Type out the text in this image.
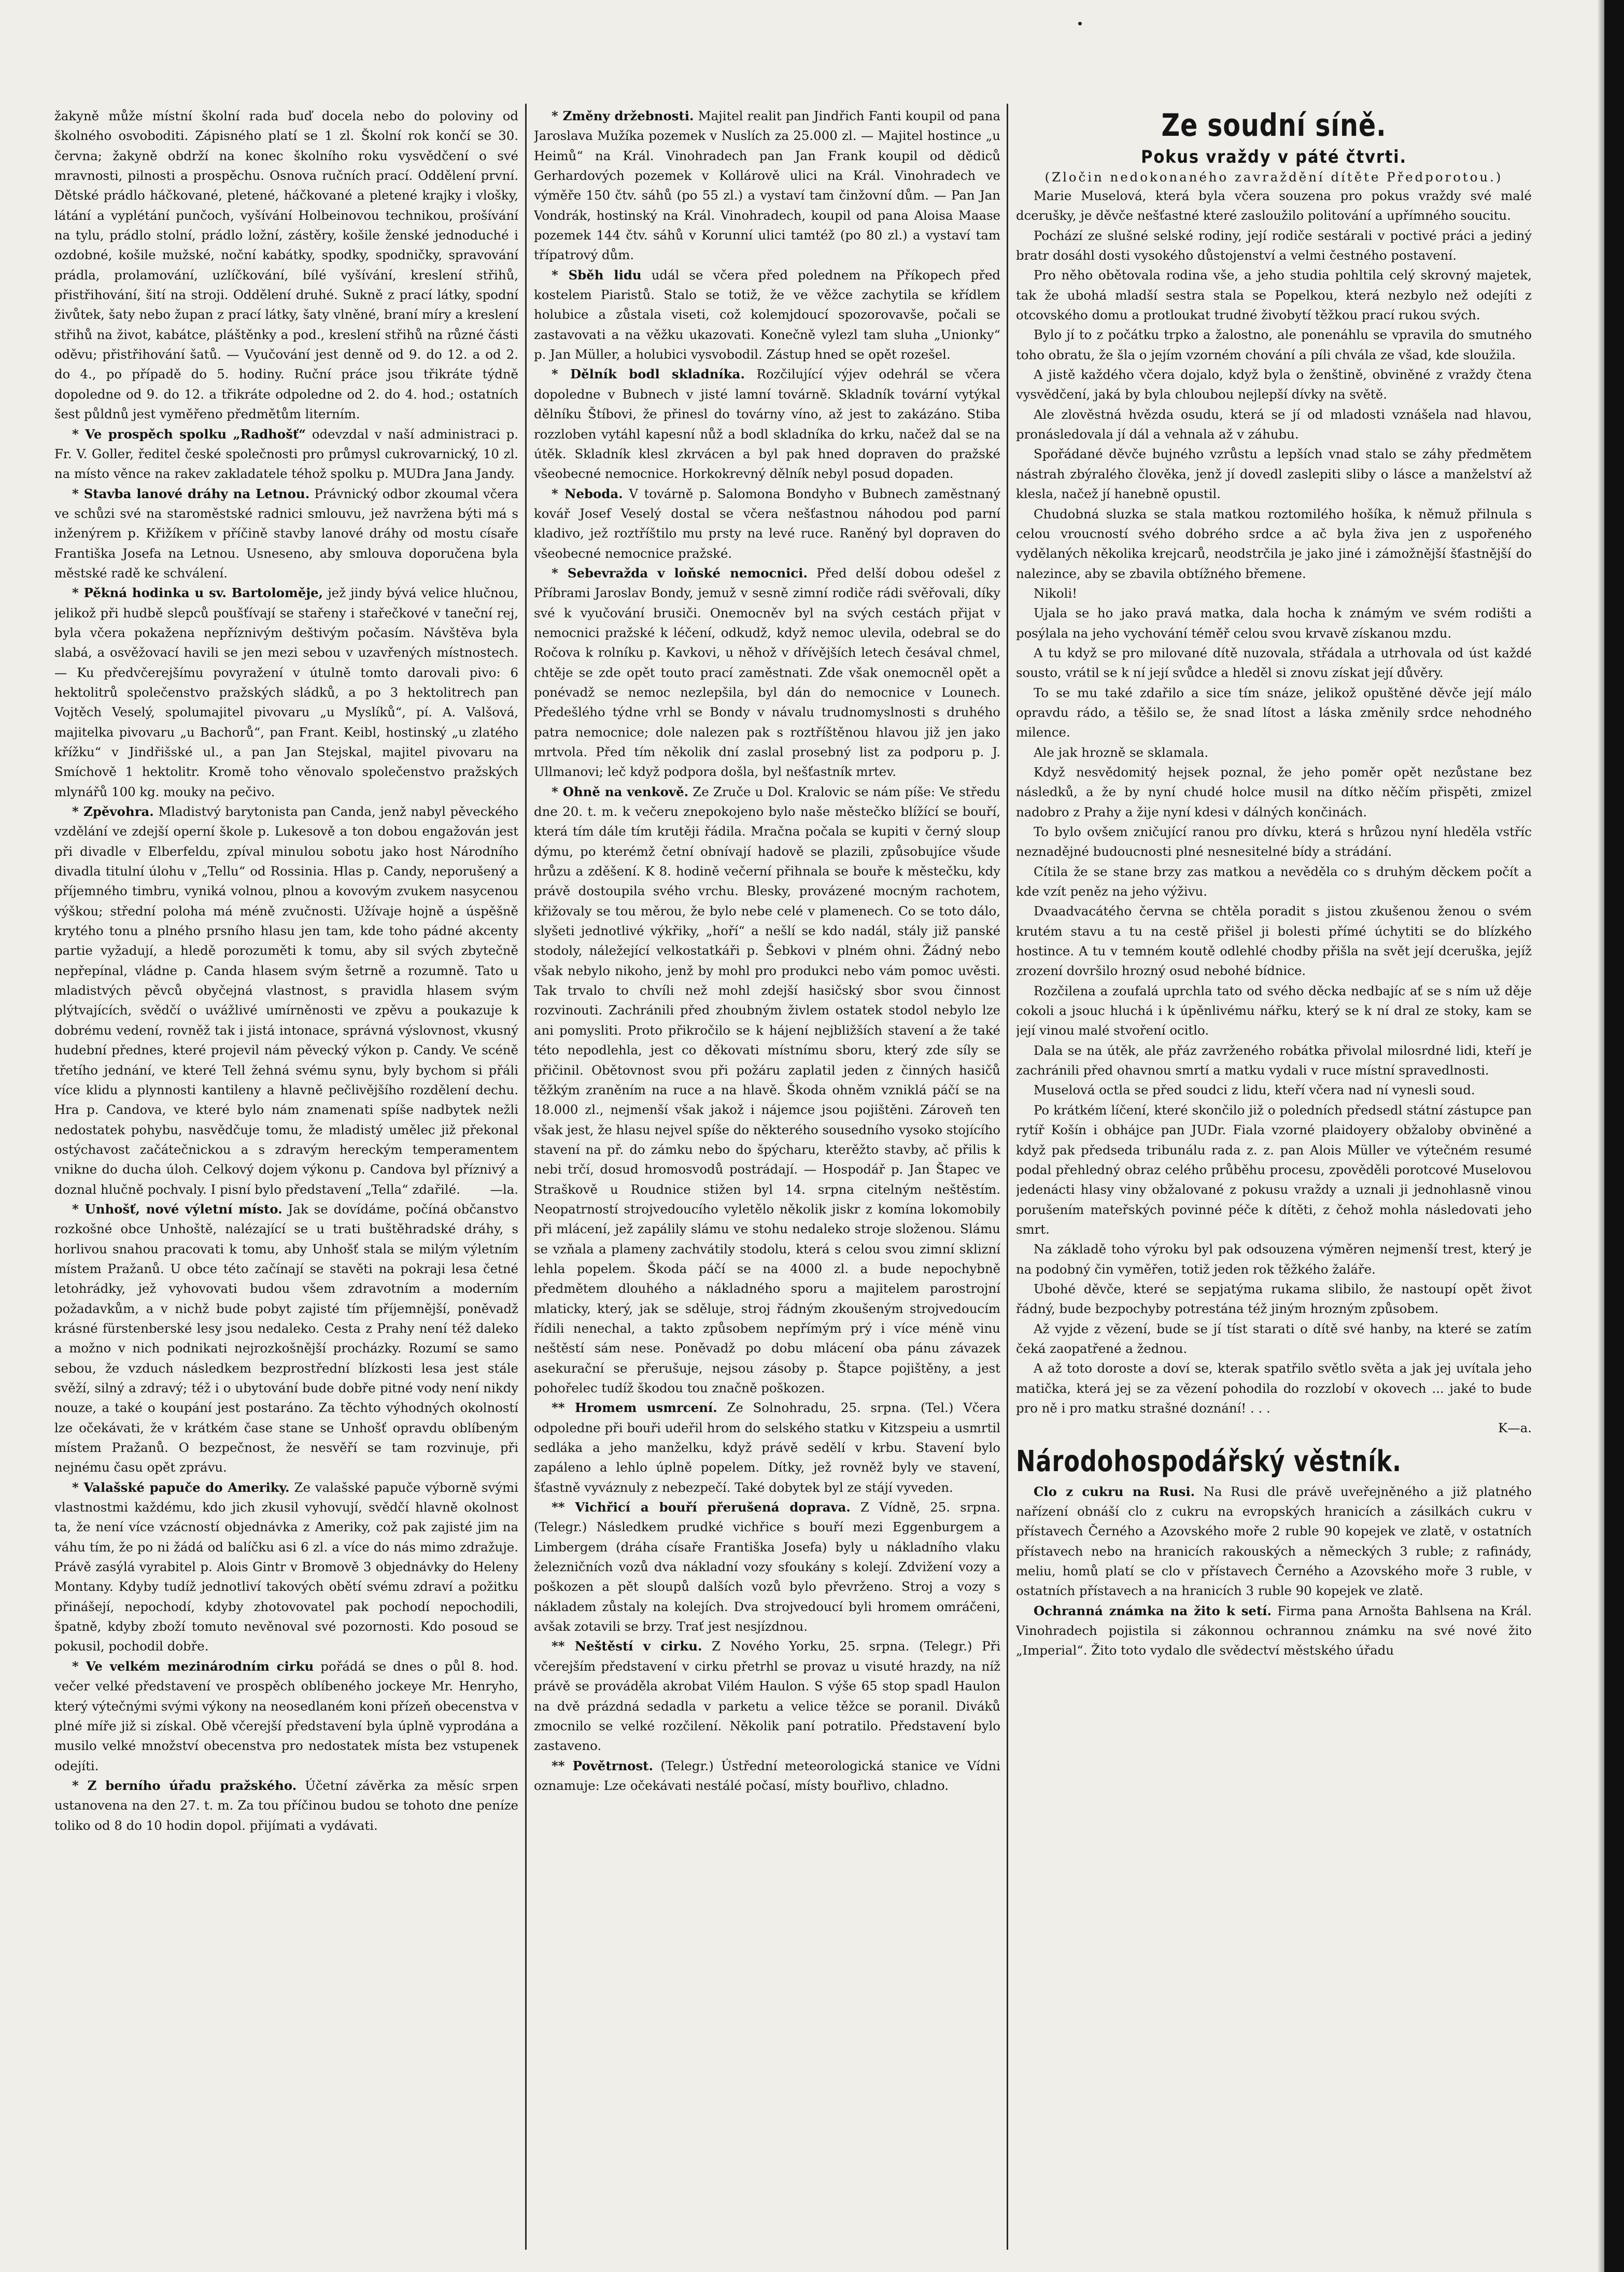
žakyně může místní školní rada buď docela nebo do poloviny od školného osvoboditi. Zápisného platí se 1 zl. Školní rok končí se 30. června; žakyně obdrží na konec školního roku vysvědčení o své mravnosti, pilnosti a prospěchu. Osnova ručních prací. Oddělení první. Dětské prádlo háčkované, pletené, háčkované a pletené krajky i vlošky, látání a vyplétání punčoch, vyšívání Holbeinovou technikou, prošívání na tylu, prádlo stolní, prádlo ložní, zástěry, košile ženské jednoduché i ozdobné, košile mužské, noční kabátky, spodky, spodničky, spravování prádla, prolamování, uzlíčkování, bílé vyšívání, kreslení střihů, přistřihování, šití na stroji. Oddělení druhé. Sukně z prací látky, spodní živůtek, šaty nebo župan z prací látky, šaty vlněné, braní míry a kreslení střihů na život, kabátce, pláštěnky a pod., kreslení střihů na různé části oděvu; přistřihování šatů. — Vyučování jest denně od 9. do 12. a od 2. do 4., po případě do 5. hodiny. Ruční práce jsou třikráte týdně dopoledne od 9. do 12. a třikráte odpoledne od 2. do 4. hod.; ostatních šest půldnů jest vyměřeno předmětům literním.

* Ve prospěch spolku „Radhošť“ odevzdal v naší administraci p. Fr. V. Goller, ředitel české společnosti pro průmysl cukrovarnický, 10 zl. na místo věnce na rakev zakladatele téhož spolku p. MUDra Jana Jandy.

* Stavba lanové dráhy na Letnou. Právnický odbor zkoumal včera ve schůzi své na staroměstské radnici smlouvu, jež navržena býti má s inženýrem p. Křižíkem v příčině stavby lanové dráhy od mostu císaře Františka Josefa na Letnou. Usneseno, aby smlouva doporučena byla městské radě ke schválení.

* Pěkná hodinka u sv. Bartoloměje, jež jindy bývá velice hlučnou, jelikož při hudbě slepců poušťívají se stařeny i stařečkové v taneční rej, byla včera pokažena nepříznivým deštivým počasím. Návštěva byla slabá, a osvěžovací havili se jen mezi sebou v uzavřených místnostech. — Ku předvčerejšímu povyražení v útulně tomto darovali pivo: 6 hektolitrů společenstvo pražských sládků, a po 3 hektolitrech pan Vojtěch Veselý, spolumajitel pivovaru „u Myslíků“, pí. A. Valšová, majitelka pivovaru „u Bachorů“, pan Frant. Keibl, hostinský „u zlatého křížku“ v Jindřišské ul., a pan Jan Stejskal, majitel pivovaru na Smíchově 1 hektolitr. Kromě toho věnovalo společenstvo pražských mlynářů 100 kg. mouky na pečivo.

* Zpěvohra. Mladistvý barytonista pan Canda, jenž nabyl pěveckého vzdělání ve zdejší operní škole p. Lukesově a ton dobou engažován jest při divadle v Elberfeldu, zpíval minulou sobotu jako host Národního divadla titulní úlohu v „Tellu“ od Rossinia. Hlas p. Candy, neporušený a příjemného timbru, vyniká volnou, plnou a kovovým zvukem nasycenou výškou; střední poloha má méně zvučnosti. Užívaje hojně a úspěšně krytého tonu a plného prsního hlasu jen tam, kde toho pádné akcenty partie vyžadují, a hledě porozuměti k tomu, aby sil svých zbytečně nepřepínal, vládne p. Canda hlasem svým šetrně a rozumně. Tato u mladistvých pěvců obyčejná vlastnost, s pravidla hlasem svým plýtvajících, svědčí o uvážlivé umírněnosti ve zpěvu a poukazuje k dobrému vedení, rovněž tak i jistá intonace, správná výslovnost, vkusný hudební přednes, které projevil nám pěvecký výkon p. Candy. Ve scéně třetího jednání, ve které Tell žehná svému synu, byly bychom si přáli více klidu a plynnosti kantileny a hlavně pečlivějšího rozdělení dechu. Hra p. Candova, ve které bylo nám znamenati spíše nadbytek nežli nedostatek pohybu, nasvědčuje tomu, že mladistý umělec již překonal ostýchavost začátečnickou a s zdravým hereckým temperamentem vnikne do ducha úloh. Celkový dojem výkonu p. Candova byl příznivý a doznal hlučně pochvaly. I pisní bylo představení „Tella“ zdařilé.	—la.

* Unhošť, nové výletní místo. Jak se dovídáme, počíná občanstvo rozkošné obce Unhoště, nalézající se u trati buštěhradské dráhy, s horlivou snahou pracovati k tomu, aby Unhošť stala se milým výletním místem Pražanů. U obce této začínají se stavěti na pokraji lesa četné letohrádky, jež vyhovovati budou všem zdravotním a moderním požadavkům, a v nichž bude pobyt zajisté tím příjemnější, poněvadž krásné fürstenberské lesy jsou nedaleko. Cesta z Prahy není též daleko a možno v nich podnikati nejrozkošnější procházky. Rozumí se samo sebou, že vzduch následkem bezprostřední blízkosti lesa jest stále svěží, silný a zdravý; též i o ubytování bude dobře pitné vody není nikdy nouze, a také o koupání jest postaráno. Za těchto výhodných okolností lze očekávati, že v krátkém čase stane se Unhošť opravdu oblíbeným místem Pražanů. O bezpečnost, že nesvěří se tam rozvinuje, při nejnému času opět zprávu.

* Valašské papuče do Ameriky. Ze valašské papuče výborně svými vlastnostmi každému, kdo jich zkusil vyhovují, svědčí hlavně okolnost ta, že není více vzácností objednávka z Ameriky, což pak zajisté jim na váhu tím, že po ni žádá od balíčku asi 6 zl. a více do nás mimo zdražuje. Právě zasýlá vyrabitel p. Alois Gintr v Bromově 3 objednávky do Heleny Montany. Kdyby tudíž jednotliví takových obětí svému zdraví a požitku přinášejí, nepochodí, kdyby zhotovovatel pak pochodí nepochodili, špatně, kdyby zboží tomuto nevěnoval své pozornosti. Kdo posoud se pokusil, pochodil dobře.

* Ve velkém mezinárodním cirku pořádá se dnes o půl 8. hod. večer velké představení ve prospěch oblíbeného jockeye Mr. Henryho, který výtečnými svými výkony na neosedlaném koni přízeň obecenstva v plné míře již si získal. Obě včerejší představení byla úplně vyprodána a musilo velké množství obecenstva pro nedostatek místa bez vstupenek odejíti.

* Z berního úřadu pražského. Účetní závěrka za měsíc srpen ustanovena na den 27. t. m. Za tou příčinou budou se tohoto dne peníze toliko od 8 do 10 hodin dopol. přijímati a vydávati.

* Změny držebnosti. Majitel realit pan Jindřich Fanti koupil od pana Jaroslava Mužíka pozemek v Nuslích za 25.000 zl. — Majitel hostince „u Heimů“ na Král. Vinohradech pan Jan Frank koupil od dědiců Gerhardových pozemek v Kollárově ulici na Král. Vinohradech ve výměře 150 čtv. sáhů (po 55 zl.) a vystaví tam činžovní dům. — Pan Jan Vondrák, hostinský na Král. Vinohradech, koupil od pana Aloisa Maase pozemek 144 čtv. sáhů v Korunní ulici tamtéž (po 80 zl.) a vystaví tam třípatrový dům.

* Sběh lidu udál se včera před polednem na Příkopech před kostelem Piaristů. Stalo se totiž, že ve věžce zachytila se křídlem holubice a zůstala viseti, což kolemjdoucí spozorovavše, počali se zastavovati a na věžku ukazovati. Konečně vylezl tam sluha „Unionky“ p. Jan Müller, a holubici vysvobodil. Zástup hned se opět rozešel.

* Dělník bodl skladníka. Rozčilující výjev odehrál se včera dopoledne v Bubnech v jisté lamní továrně. Skladník tovární vytýkal dělníku Štíbovi, že přinesl do továrny víno, až jest to zakázáno. Stiba rozzloben vytáhl kapesní nůž a bodl skladníka do krku, načež dal se na útěk. Skladník klesl zkrvácen a byl pak hned dopraven do pražské všeobecné nemocnice. Horkokrevný dělník nebyl posud dopaden.

* Neboda. V továrně p. Salomona Bondyho v Bubnech zaměstnaný kovář Josef Veselý dostal se včera nešťastnou náhodou pod parní kladivo, jež roztříštilo mu prsty na levé ruce. Raněný byl dopraven do všeobecné nemocnice pražské.

* Sebevražda v loňské nemocnici. Před delší dobou odešel z Příbrami Jaroslav Bondy, jemuž v sesně zimní rodiče rádi svěřovali, díky své k vyučování brusiči. Onemocněv byl na svých cestách přijat v nemocnici pražské k léčení, odkudž, když nemoc ulevila, odebral se do Ročova k rolníku p. Kavkovi, u něhož v dřívějších letech česával chmel, chtěje se zde opět touto prací zaměstnati. Zde však onemocněl opět a ponévadž se nemoc nezlepšila, byl dán do nemocnice v Lounech. Předešlého týdne vrhl se Bondy v návalu trudnomyslnosti s druhého patra nemocnice; dole nalezen pak s roztříštěnou hlavou již jen jako mrtvola. Před tím několik dní zaslal prosebný list za podporu p. J. Ullmanovi; leč když podpora došla, byl nešťastník mrtev.

* Ohně na venkově. Ze Zruče u Dol. Kralovic se nám píše: Ve středu dne 20. t. m. k večeru znepokojeno bylo naše městečko blížící se bouří, která tím dále tím krutěji řádila. Mračna počala se kupiti v černý sloup dýmu, po kterémž četní obnívají hadově se plazili, způsobujíce všude hrůzu a zděšení. K 8. hodině večerní přihnala se bouře k městečku, kdy právě dostoupila svého vrchu. Blesky, provázené mocným rachotem, křižovaly se tou měrou, že bylo nebe celé v plamenech. Co se toto dálo, slyšeti jednotlivé výkřiky, „hoří“ a nešlí se kdo nadál, stály již panské stodoly, náležející velkostatkáři p. Šebkovi v plném ohni. Žádný nebo však nebylo nikoho, jenž by mohl pro produkci nebo vám pomoc uvěsti. Tak trvalo to chvíli než mohl zdejší hasičský sbor svou činnost rozvinouti. Zachránili před zhoubným živlem ostatek stodol nebylo lze ani pomysliti. Proto přikročilo se k hájení nejbližších stavení a že také této nepodlehla, jest co děkovati místnímu sboru, který zde síly se přičinil. Obětovnost svou při požáru zaplatil jeden z činných hasičů těžkým zraněním na ruce a na hlavě. Škoda ohněm vzniklá páčí se na 18.000 zl., nejmenší však jakož i nájemce jsou pojištěni. Zároveň ten však jest, že hlasu nejvel spíše do některého sousedního vysoko stojícího stavení na př. do zámku nebo do špýcharu, kterěžto stavby, ač přilis k nebi trčí, dosud hromosvodů postrádají. — Hospodář p. Jan Štapec ve Straškově u Roudnice stižen byl 14. srpna citelným neštěstím. Neopatrností strojvedoucího vyletělo několik jiskr z komína lokomobily při mlácení, jež zapálily slámu ve stohu nedaleko stroje složenou. Slámu se vzňala a plameny zachvátily stodolu, která s celou svou zimní sklizní lehla popelem. Škoda páčí se na 4000 zl. a bude nepochybně předmětem dlouhého a nákladného sporu a majitelem parostrojní mlaticky, který, jak se sděluje, stroj řádným zkoušeným strojvedoucím řídili nenechal, a takto způsobem nepřímým prý i více méně vinu neštěstí sám nese. Poněvadž po dobu mlácení oba pánu závazek asekurační se přerušuje, nejsou zásoby p. Štapce pojištěny, a jest pohořelec tudíž škodou tou značně poškozen.

** Hromem usmrcení. Ze Solnohradu, 25. srpna. (Tel.) Včera odpoledne při bouři udeřil hrom do selského statku v Kitzspeiu a usmrtil sedláka a jeho manželku, když právě sedělí v krbu. Stavení bylo zapáleno a lehlo úplně popelem. Dítky, jež rovněž byly ve stavení, šťastně vyváznuly z nebezpečí. Také dobytek byl ze stájí vyveden.

** Vichřicí a bouří přerušená doprava. Z Vídně, 25. srpna. (Telegr.) Následkem prudké vichřice s bouří mezi Eggenburgem a Limbergem (dráha císaře Františka Josefa) byly u nákladního vlaku železničních vozů dva nákladní vozy sfoukány s kolejí. Zdvižení vozy a poškozen a pět sloupů dalších vozů bylo převrženo. Stroj a vozy s nákladem zůstaly na kolejích. Dva strojvedoucí byli hromem omráčeni, avšak zotavili se brzy. Trať jest nesjízdnou.

** Neštěstí v cirku. Z Nového Yorku, 25. srpna. (Telegr.) Při včerejším představení v cirku přetrhl se provaz u visuté hrazdy, na níž právě se prováděla akrobat Vilém Haulon. S výše 65 stop spadl Haulon na dvě prázdná sedadla v parketu a velice těžce se poranil. Diváků zmocnilo se velké rozčilení. Několik paní potratilo. Představení bylo zastaveno.

** Povětrnost. (Telegr.) Ústřední meteorologická stanice ve Vídni oznamuje: Lze očekávati nestálé počasí, místy bouřlivo, chladno.

Ze soudní síně.
Pokus vraždy v páté čtvrti.
(Zločin nedokonaného zavraždění dítěte Předporotou.)

Marie Muselová, která byla včera souzena pro pokus vraždy své malé dcerušky, je děvče nešťastné které zasloužilo politování a upřímného soucitu.

Pochází ze slušné selské rodiny, její rodiče sestárali v poctivé práci a jediný bratr dosáhl dosti vysokého důstojenství a velmi čestného postavení.

Pro něho obětovala rodina vše, a jeho studia pohltila celý skrovný majetek, tak že ubohá mladší sestra stala se Popelkou, která nezbylo než odejíti z otcovského domu a protloukat trudné živobytí těžkou prací rukou svých.

Bylo jí to z počátku trpko a žalostno, ale ponenáhlu se vpravila do smutného toho obratu, že šla o jejím vzorném chování a píli chvála ze všad, kde sloužila.

A jistě každého včera dojalo, když byla o ženštině, obviněné z vraždy čtena vysvědčení, jaká by byla chloubou nejlepší dívky na světě.

Ale zlověstná hvězda osudu, která se jí od mladosti vznášela nad hlavou, pronásledovala jí dál a vehnala až v záhubu.

Spořádané děvče bujného vzrůstu a lepších vnad stalo se záhy předmětem nástrah zbýralého člověka, jenž jí dovedl zaslepiti sliby o lásce a manželství až klesla, načež jí hanebně opustil.

Chudobná sluzka se stala matkou roztomilého hošíka, k němuž přilnula s celou vroucností svého dobrého srdce a ač byla živa jen z uspořeného vydělaných několika krejcarů, neodstrčila je jako jiné i zámožnější šťastnější do nalezince, aby se zbavila obtížného břemene.

Nikoli!

Ujala se ho jako pravá matka, dala hocha k známým ve svém rodišti a posýlala na jeho vychování téměř celou svou krvavě získanou mzdu.

A tu když se pro milované dítě nuzovala, střádala a utrhovala od úst každé sousto, vrátil se k ní její svůdce a hleděl si znovu získat její důvěry.

To se mu také zdařilo a sice tím snáze, jelikož opuštěné děvče její málo opravdu rádo, a těšilo se, že snad lítost a láska změnily srdce nehodného milence.

Ale jak hrozně se sklamala.

Když nesvědomitý hejsek poznal, že jeho poměr opět nezůstane bez následků, a že by nyní chudé holce musil na dítko něčím přispěti, zmizel nadobro z Prahy a žije nyní kdesi v dálných končinách.

To bylo ovšem zničující ranou pro dívku, která s hrůzou nyní hleděla vstříc neznadějné budoucnosti plné nesnesitelné bídy a strádání.

Cítila že se stane brzy zas matkou a nevěděla co s druhým děckem počít a kde vzít peněz na jeho výživu.

Dvaadvacátého června se chtěla poradit s jistou zkušenou ženou o svém krutém stavu a tu na cestě přišel ji bolesti přímé úchytiti se do blízkého hostince. A tu v temném koutě odlehlé chodby přišla na svět její dceruška, jejíž zrození dovršilo hrozný osud nebohé bídnice.

Rozčilena a zoufalá uprchla tato od svého děcka nedbajíc ať se s ním už děje cokoli a jsouc hluchá i k úpěnlivému nářku, který se k ní dral ze stoky, kam se její vinou malé stvoření ocitlo.

Dala se na útěk, ale přáz zavrženého robátka přivolal milosrdné lidi, kteří je zachránili před ohavnou smrtí a matku vydali v ruce místní spravedlnosti.

Muselová octla se před soudci z lidu, kteří včera nad ní vynesli soud.

Po krátkém líčení, které skončilo již o poledních předsedl státní zástupce pan rytíř Košín i obhájce pan JUDr. Fiala vzorné plaidoyery obžaloby obviněné a když pak předseda tribunálu rada z. z. pan Alois Müller ve výtečném resumé podal přehledný obraz celého průběhu procesu, zpověděli porotcové Muselovou jedenácti hlasy viny obžalované z pokusu vraždy a uznali ji jednohlasně vinou porušením mateřských povinné péče k dítěti, z čehož mohla následovati jeho smrt.

Na základě toho výroku byl pak odsouzena výměren nejmenší trest, který je na podobný čin vyměřen, totiž jeden rok těžkého žaláře.

Ubohé děvče, které se sepjatýma rukama slibilo, že nastoupí opět život řádný, bude bezpochyby potrestána též jiným hrozným způsobem.

Až vyjde z vězení, bude se jí tíst starati o dítě své hanby, na které se zatím čeká zaopatřené a žednou.

A až toto doroste a doví se, kterak spatřilo světlo světa a jak jej uvítala jeho matička, která jej se za vězení pohodila do rozzlobí v okovech ... jaké to bude pro ně i pro matku strašné doznání! . . .

K—a.
Národohospodářský věstník.

Clo z cukru na Rusi. Na Rusi dle právě uveřejněného a již platného nařízení obnáší clo z cukru na evropských hranicích a zásilkách cukru v přístavech Černého a Azovského moře 2 ruble 90 kopejek ve zlatě, v ostatních přístavech nebo na hranicích rakouských a německých 3 ruble; z rafinády, meliu, homů platí se clo v přístavech Černého a Azovského moře 3 ruble, v ostatních přístavech a na hranicích 3 ruble 90 kopejek ve zlatě.

Ochranná známka na žito k setí. Firma pana Arnošta Bahlsena na Král. Vinohradech pojistila si zákonnou ochrannou známku na své nové žito „Imperial“. Žito toto vydalo dle svědectví městského úřadu
